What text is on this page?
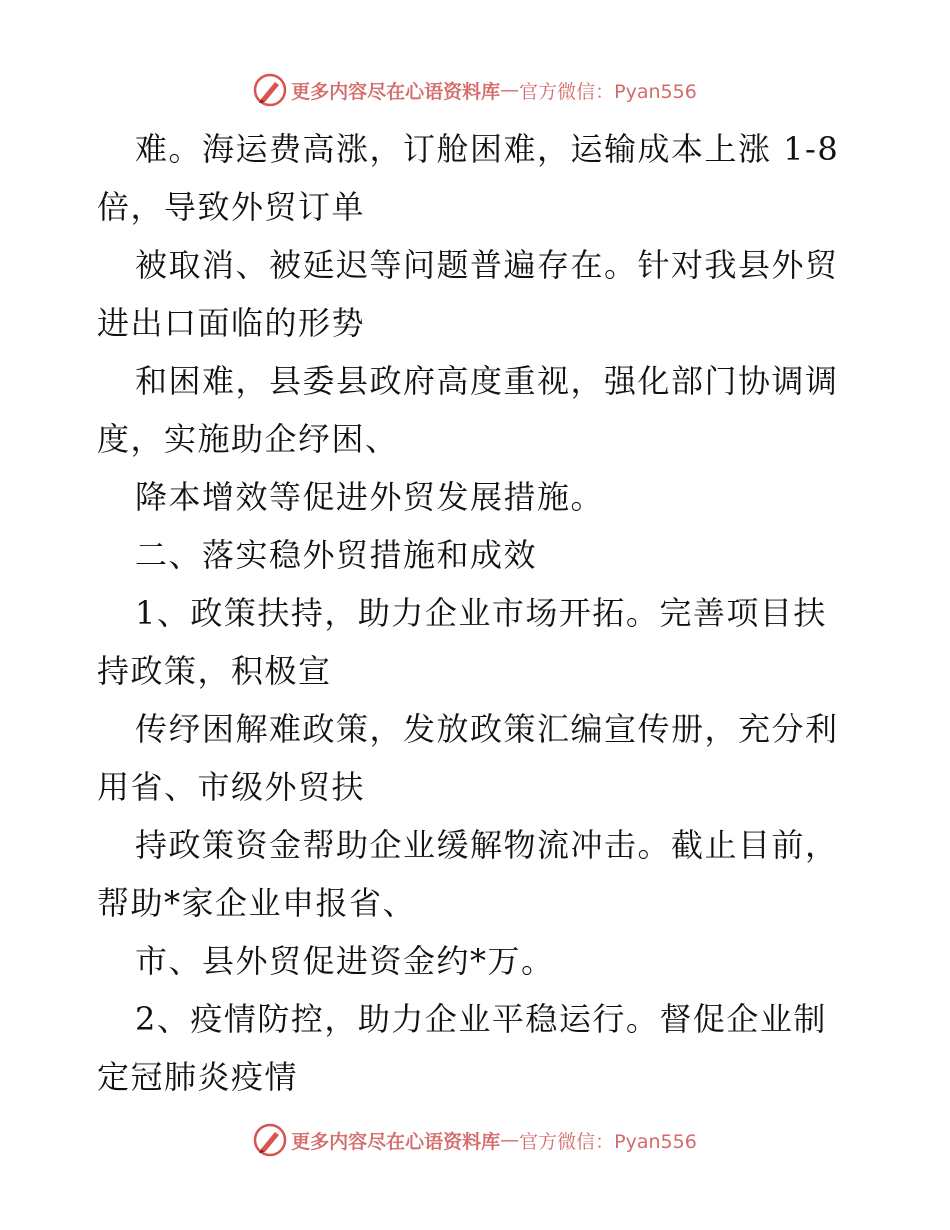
更多内容尽在心语资料库 — 官方微信：Pyan556
难。海运费高涨，订舱困难，运输成本上涨 1-8
倍，导致外贸订单
被取消、被延迟等问题普遍存在。针对我县外贸
进出口面临的形势
和困难，县委县政府高度重视，强化部门协调调
度，实施助企纾困、
降本增效等促进外贸发展措施。
二、落实稳外贸措施和成效
1、政策扶持，助力企业市场开拓。完善项目扶
持政策，积极宣
传纾困解难政策，发放政策汇编宣传册，充分利
用省、市级外贸扶
持政策资金帮助企业缓解物流冲击。截止目前，
帮助*家企业申报省、
市、县外贸促进资金约*万。
2、疫情防控，助力企业平稳运行。督促企业制
定冠肺炎疫情
更多内容尽在心语资料库 — 官方微信：Pyan556
